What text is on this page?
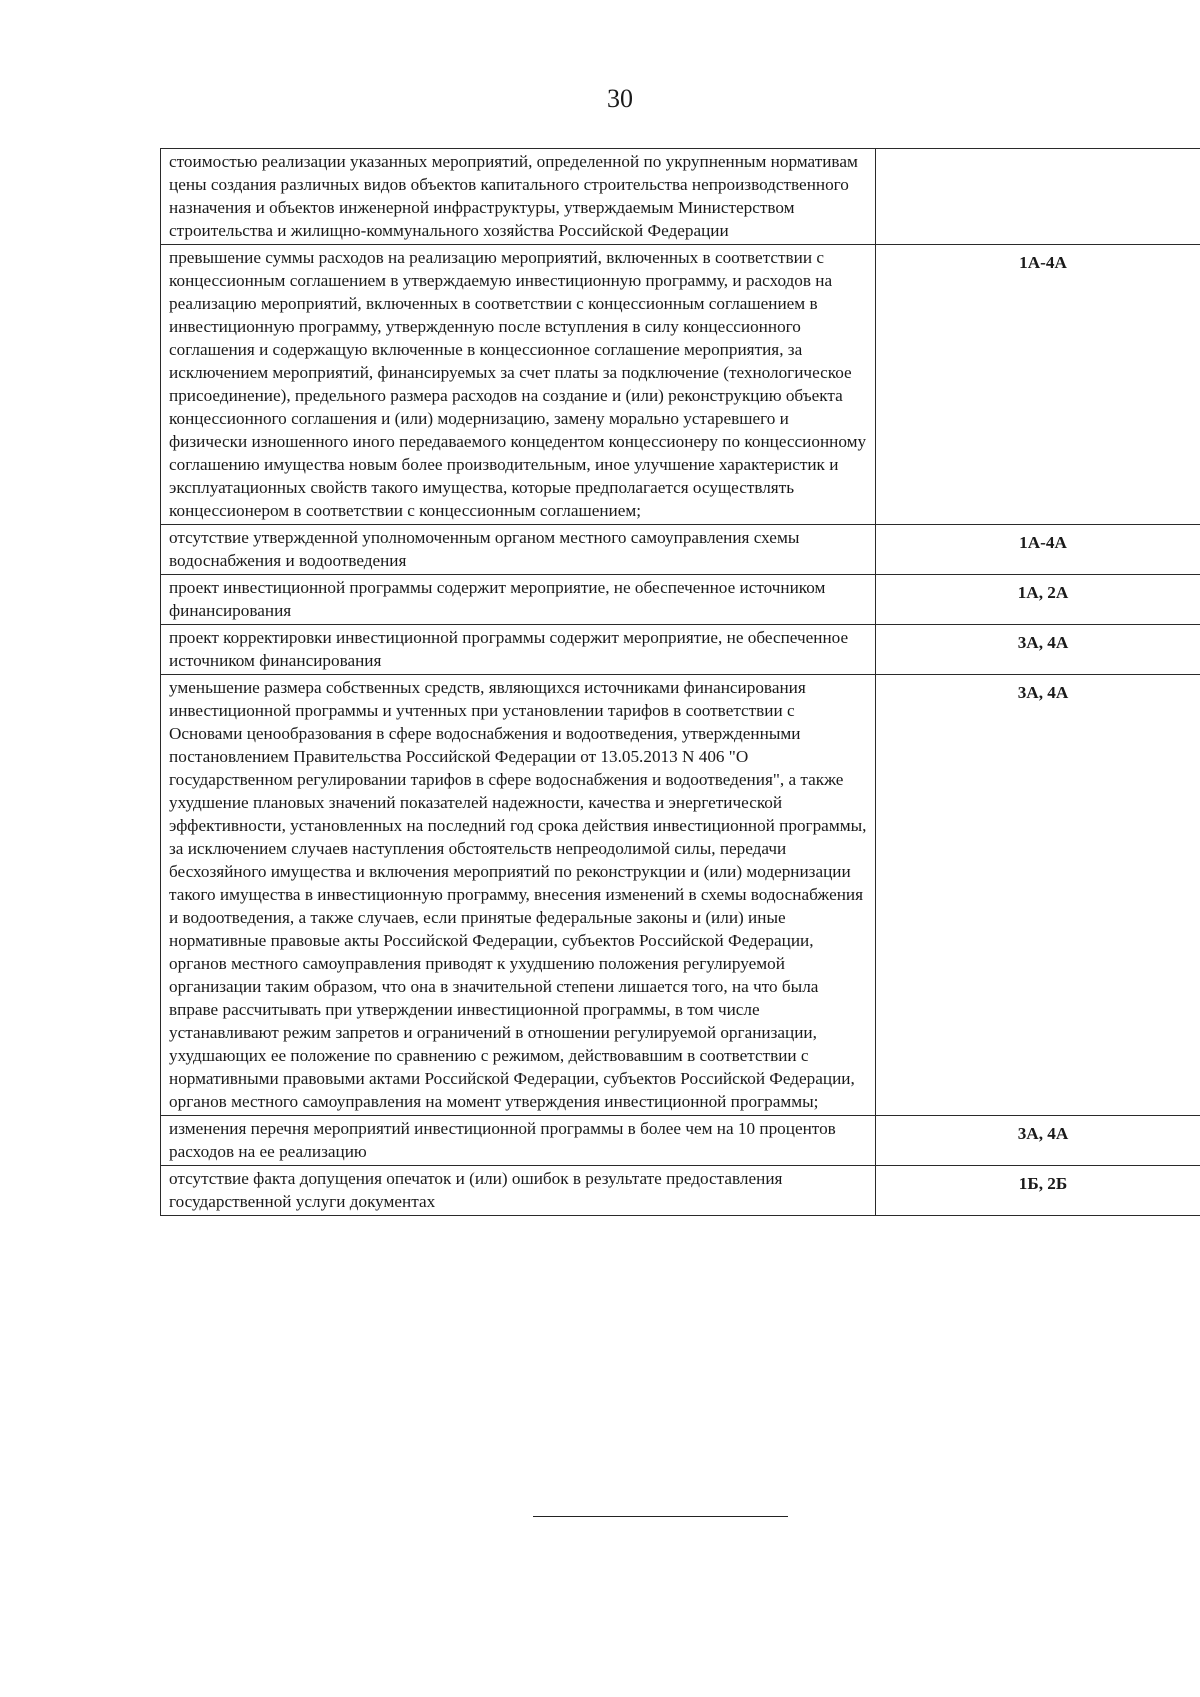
30
стоимостью реализации указанных мероприятий, определенной по укрупненным нормативам цены создания различных видов объектов капитального строительства непроизводственного назначения и объектов инженерной инфраструктуры, утверждаемым Министерством строительства и жилищно-коммунального хозяйства Российской Федерации	
превышение суммы расходов на реализацию мероприятий, включенных в соответствии с концессионным соглашением в утверждаемую инвестиционную программу, и расходов на реализацию мероприятий, включенных в соответствии с концессионным соглашением в инвестиционную программу, утвержденную после вступления в силу концессионного соглашения и содержащую включенные в концессионное соглашение мероприятия, за исключением мероприятий, финансируемых за счет платы за подключение (технологическое присоединение), предельного размера расходов на создание и (или) реконструкцию объекта концессионного соглашения и (или) модернизацию, замену морально устаревшего и физически изношенного иного передаваемого концедентом концессионеру по концессионному соглашению имущества новым более производительным, иное улучшение характеристик и эксплуатационных свойств такого имущества, которые предполагается осуществлять концессионером в соответствии с концессионным соглашением;	1А-4А
отсутствие утвержденной уполномоченным органом местного самоуправления схемы водоснабжения и водоотведения	1А-4А
проект инвестиционной программы содержит мероприятие, не обеспеченное источником финансирования	1А, 2А
проект корректировки инвестиционной программы содержит мероприятие, не обеспеченное источником финансирования	3А, 4А
уменьшение размера собственных средств, являющихся источниками финансирования инвестиционной программы и учтенных при установлении тарифов в соответствии с Основами ценообразования в сфере водоснабжения и водоотведения, утвержденными постановлением Правительства Российской Федерации от 13.05.2013 N 406 "О государственном регулировании тарифов в сфере водоснабжения и водоотведения", а также ухудшение плановых значений показателей надежности, качества и энергетической эффективности, установленных на последний год срока действия инвестиционной программы, за исключением случаев наступления обстоятельств непреодолимой силы, передачи бесхозяйного имущества и включения мероприятий по реконструкции и (или) модернизации такого имущества в инвестиционную программу, внесения изменений в схемы водоснабжения и водоотведения, а также случаев, если принятые федеральные законы и (или) иные нормативные правовые акты Российской Федерации, субъектов Российской Федерации, органов местного самоуправления приводят к ухудшению положения регулируемой организации таким образом, что она в значительной степени лишается того, на что была вправе рассчитывать при утверждении инвестиционной программы, в том числе устанавливают режим запретов и ограничений в отношении регулируемой организации, ухудшающих ее положение по сравнению с режимом, действовавшим в соответствии с нормативными правовыми актами Российской Федерации, субъектов Российской Федерации, органов местного самоуправления на момент утверждения инвестиционной программы;	3А, 4А
изменения перечня мероприятий инвестиционной программы в более чем на 10 процентов расходов на ее реализацию	3А, 4А
отсутствие факта допущения опечаток и (или) ошибок в результате предоставления государственной услуги документах	1Б, 2Б
